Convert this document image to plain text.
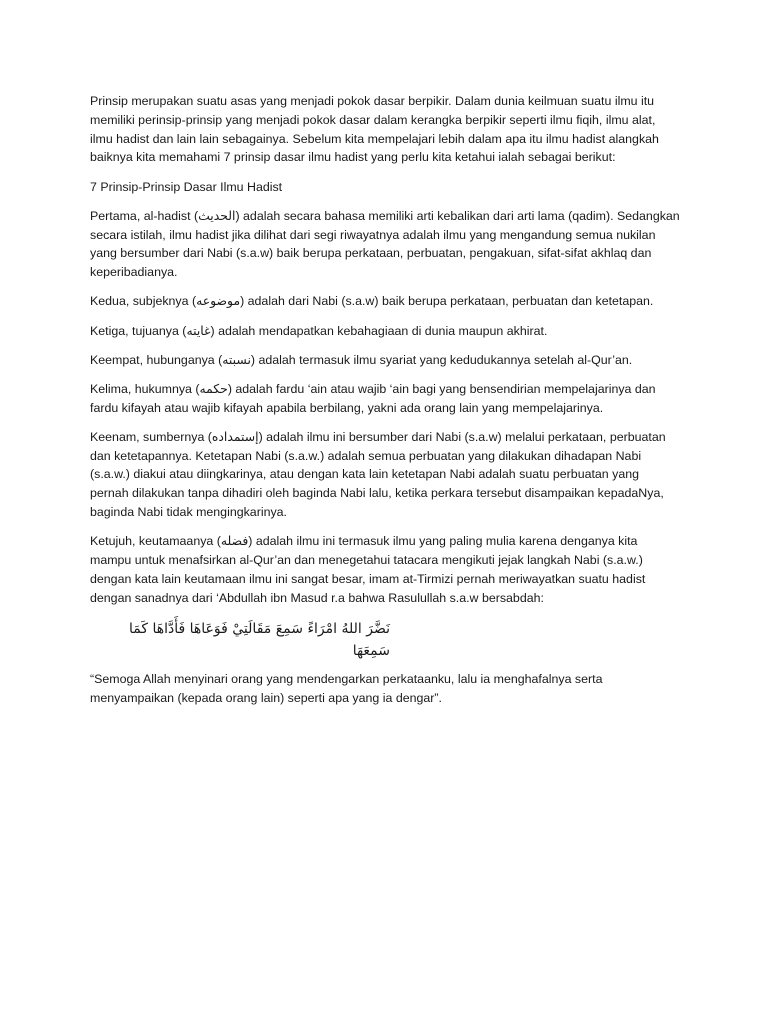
Prinsip merupakan suatu asas yang menjadi pokok dasar berpikir. Dalam dunia keilmuan suatu ilmu itu memiliki perinsip-prinsip yang menjadi pokok dasar dalam kerangka berpikir seperti ilmu fiqih, ilmu alat, ilmu hadist dan lain lain sebagainya. Sebelum kita mempelajari lebih dalam apa itu ilmu hadist alangkah baiknya kita memahami 7 prinsip dasar ilmu hadist yang perlu kita ketahui ialah sebagai berikut:

7 Prinsip-Prinsip Dasar Ilmu Hadist

Pertama, al-hadist (الحديث) adalah secara bahasa memiliki arti kebalikan dari arti lama (qadim). Sedangkan secara istilah, ilmu hadist jika dilihat dari segi riwayatnya adalah ilmu yang mengandung semua nukilan yang bersumber dari Nabi (s.a.w) baik berupa perkataan, perbuatan, pengakuan, sifat-sifat akhlaq dan keperibadianya.

Kedua, subjeknya (موضوعه) adalah dari Nabi (s.a.w) baik berupa perkataan, perbuatan dan ketetapan.

Ketiga, tujuanya (غايته) adalah mendapatkan kebahagiaan di dunia maupun akhirat.

Keempat, hubunganya (نسبته) adalah termasuk ilmu syariat yang kedudukannya setelah al-Qur’an.

Kelima, hukumnya (حكمه) adalah fardu ‘ain atau wajib ‘ain bagi yang bensendirian mempelajarinya dan fardu kifayah atau wajib kifayah apabila berbilang, yakni ada orang lain yang mempelajarinya.

Keenam, sumbernya (إستمداده) adalah ilmu ini bersumber dari Nabi (s.a.w) melalui perkataan, perbuatan dan ketetapannya. Ketetapan Nabi (s.a.w.) adalah semua perbuatan yang dilakukan dihadapan Nabi (s.a.w.) diakui atau diingkarinya, atau dengan kata lain ketetapan Nabi adalah suatu perbuatan yang pernah dilakukan tanpa dihadiri oleh baginda Nabi lalu, ketika perkara tersebut disampaikan kepadaNya, baginda Nabi tidak mengingkarinya.

Ketujuh, keutamaanya (فضله) adalah ilmu ini termasuk ilmu yang paling mulia karena denganya kita mampu untuk menafsirkan al-Qur’an dan menegetahui tatacara mengikuti jejak langkah Nabi (s.a.w.) dengan kata lain keutamaan ilmu ini sangat besar, imam at-Tirmizi pernah meriwayatkan suatu hadist dengan sanadnya dari ‘Abdullah ibn Masud r.a bahwa Rasulullah s.a.w bersabdah:

نَضَّرَ اللهُ امْرَاءً سَمِعَ مَقَالَتِيْ فَوَعَاهَا فَأَدَّاهَا كَمَا سَمِعَهَا

“Semoga Allah menyinari orang yang mendengarkan perkataanku, lalu ia menghafalnya serta menyampaikan (kepada orang lain) seperti apa yang ia dengar”.
